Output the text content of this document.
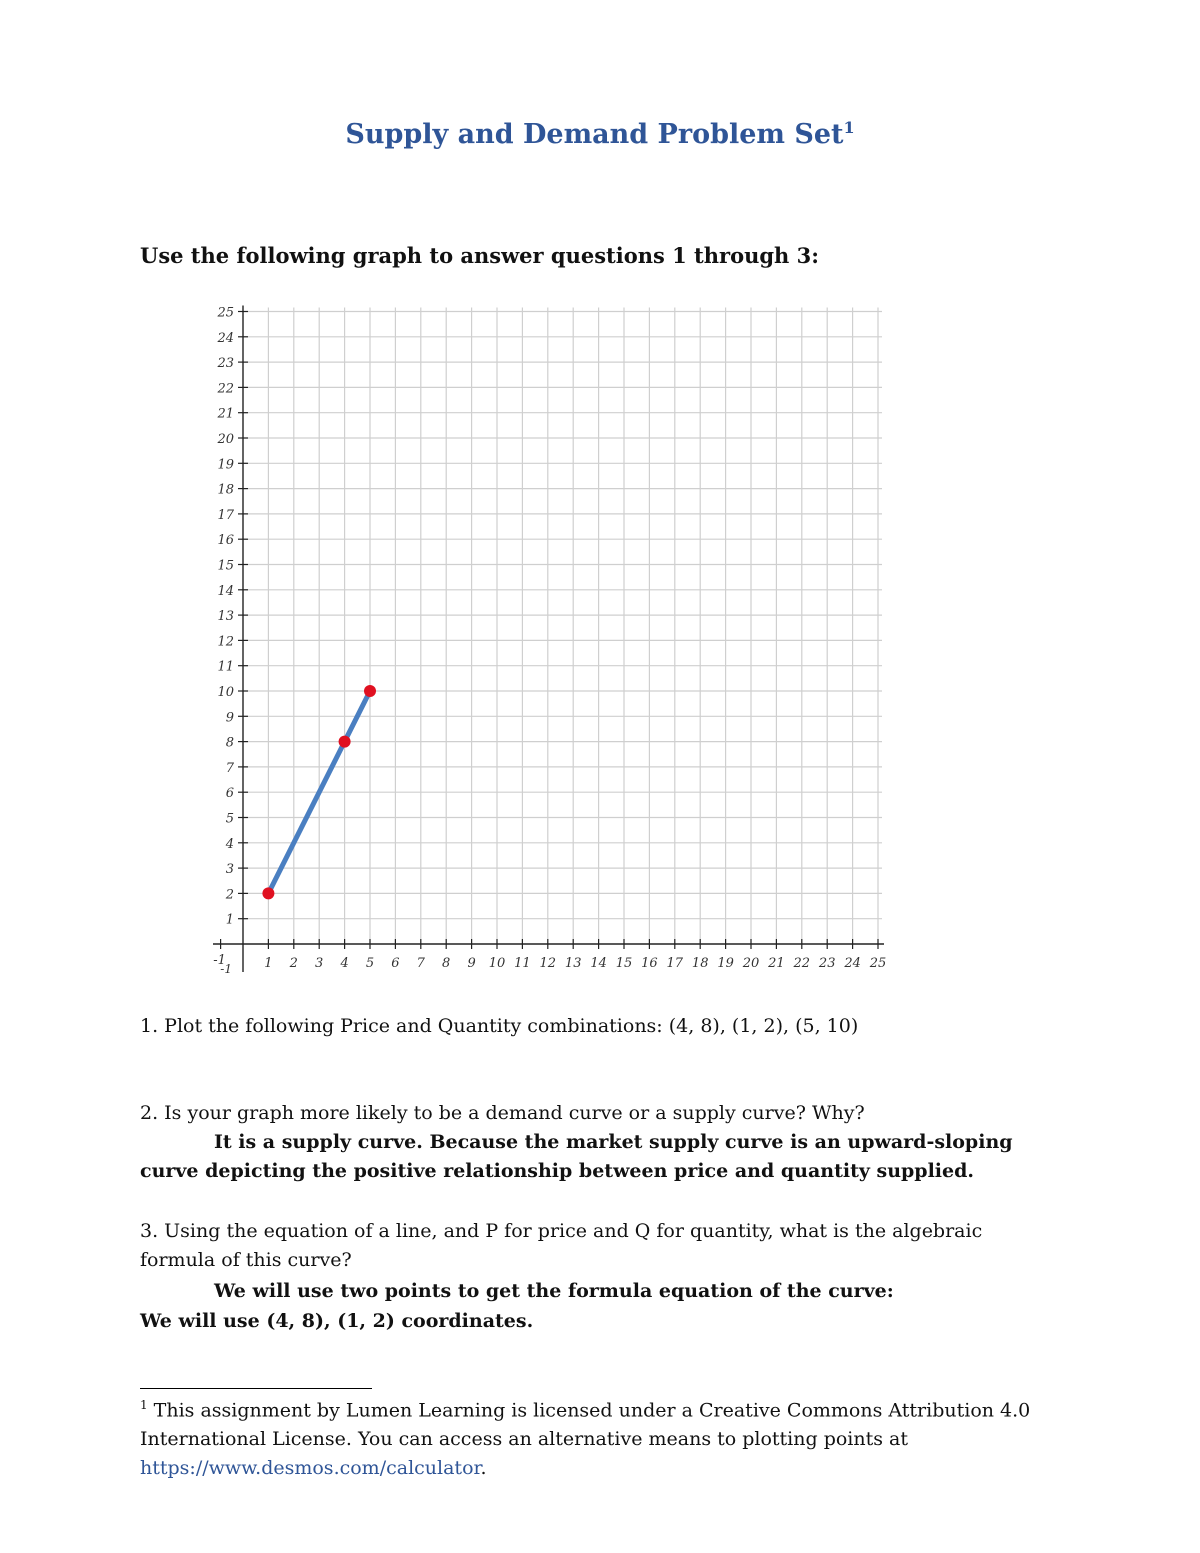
Supply and Demand Problem Set$^1$
Use the following graph to answer questions 1 through 3:
-1	1 2 3 4 5 6 7 8 9 10 11 12 13 14 15 16 17 18 19 20 21 22 23 24 25
-1
1
2
3
4
5
6
7
8
9
10
11
12
13
14
15
16
17
18
19
20
21
22
23
24
25
1. Plot the following Price and Quantity combinations: (4, 8), (1, 2), (5, 10)
2. Is your graph more likely to be a demand curve or a supply curve? Why?
It is a supply curve. Because the market supply curve is an upward-sloping
curve depicting the positive relationship between price and quantity supplied.
3. Using the equation of a line, and P for price and Q for quantity, what is the algebraic
formula of this curve?
We will use two points to get the formula equation of the curve:
We will use (4, 8), (1, 2) coordinates.
$^1$ This assignment by Lumen Learning is licensed under a Creative Commons Attribution 4.0 International License. You can access an alternative means to plotting points at https://www.desmos.com/calculator.
